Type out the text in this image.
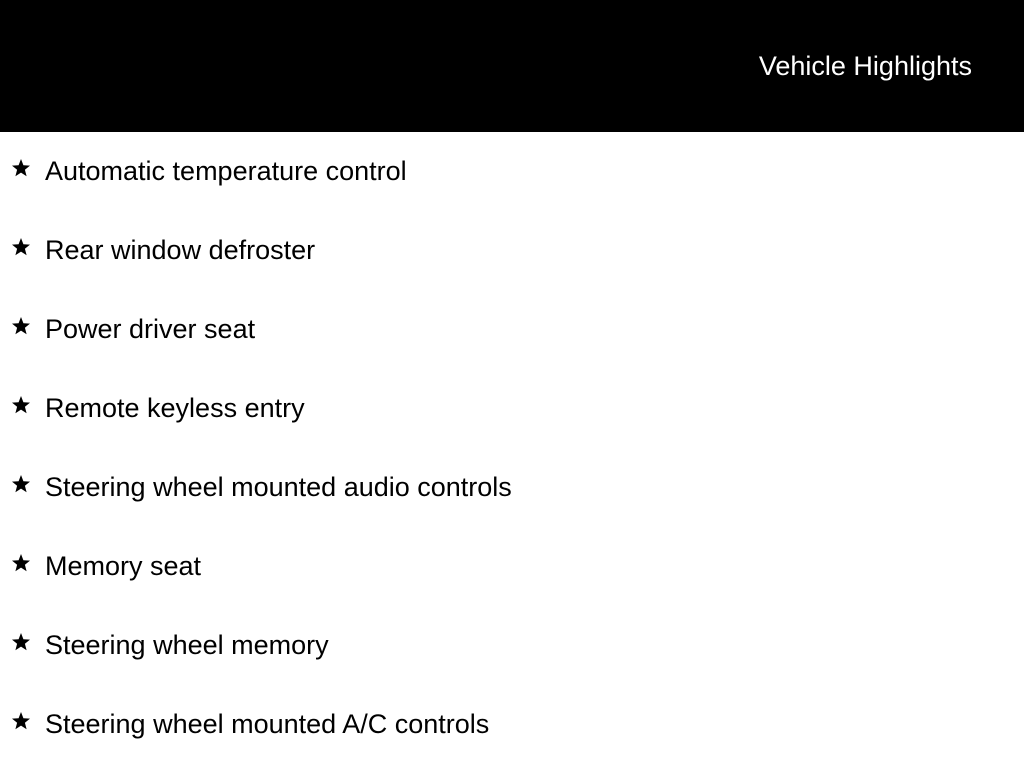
Vehicle Highlights
Automatic temperature control
Rear window defroster
Power driver seat
Remote keyless entry
Steering wheel mounted audio controls
Memory seat
Steering wheel memory
Steering wheel mounted A/C controls
